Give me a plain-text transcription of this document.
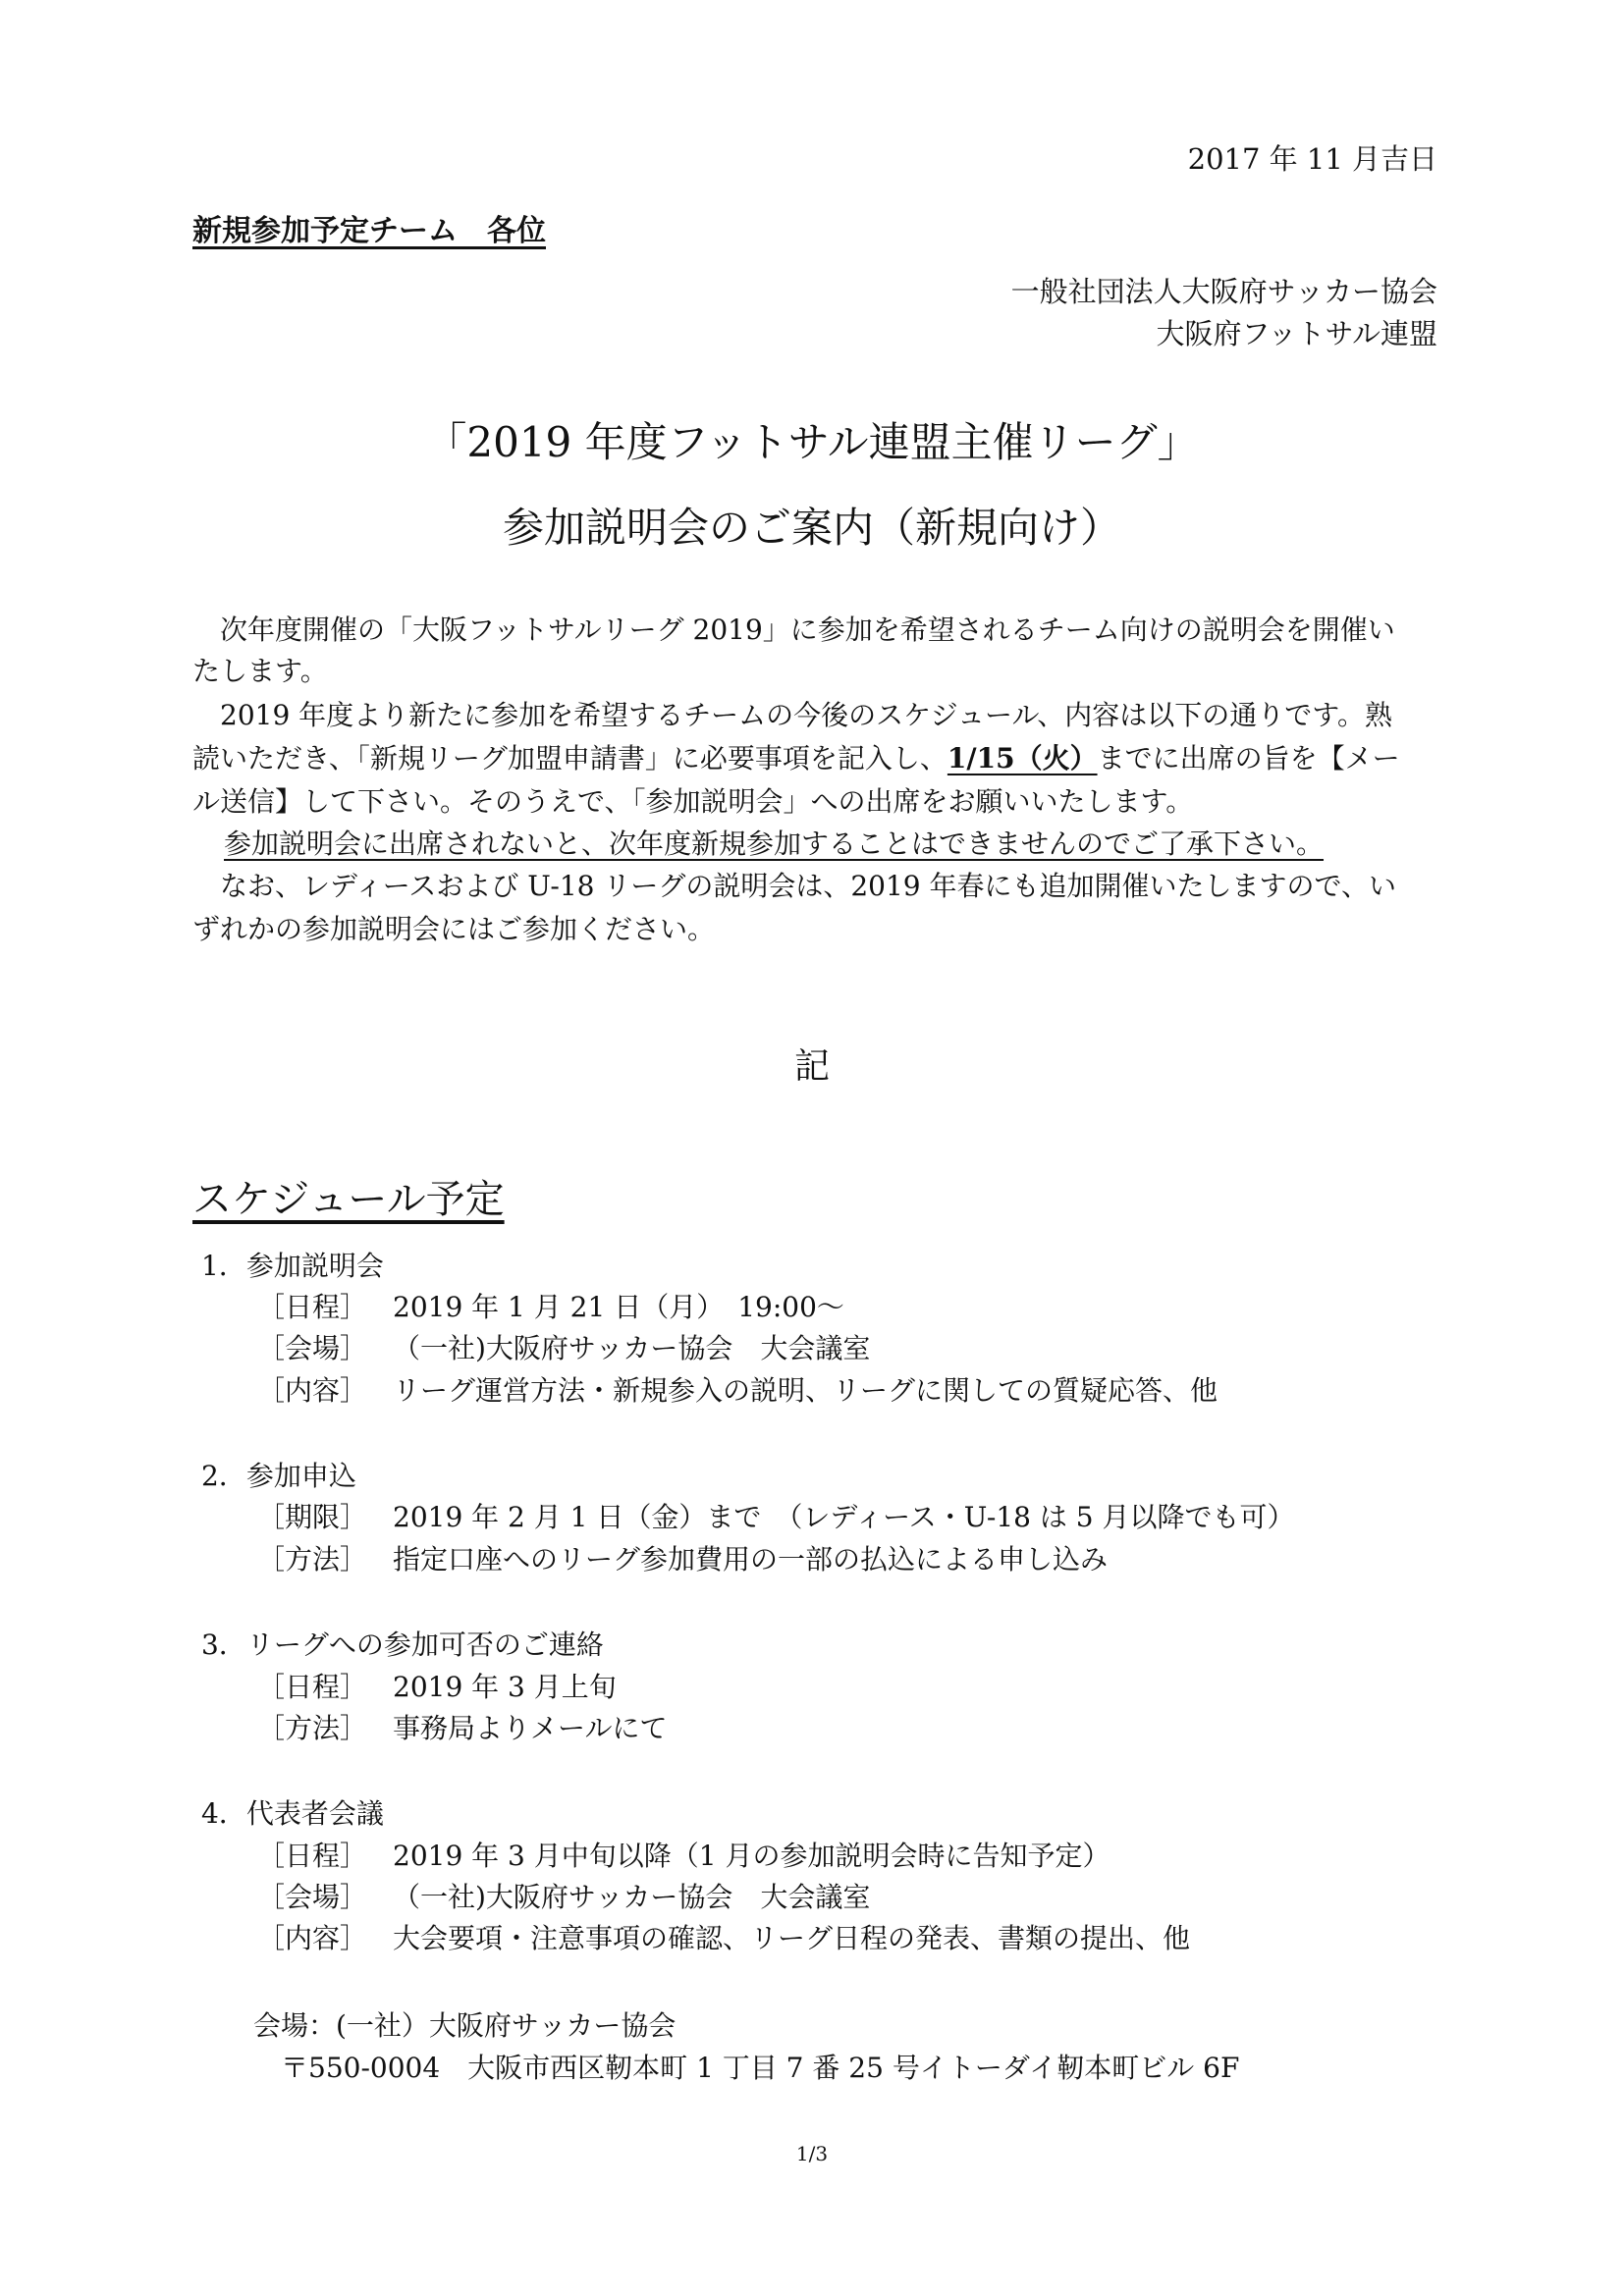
2017 年 11 月吉日
新規参加予定チーム　各位
一般社団法人大阪府サッカー協会
大阪府フットサル連盟
「2019 年度フットサル連盟主催リーグ」
参加説明会のご案内（新規向け）
　次年度開催の「大阪フットサルリーグ 2019」に参加を希望されるチーム向けの説明会を開催い
たします。
　2019 年度より新たに参加を希望するチームの今後のスケジュール、内容は以下の通りです。熟
読いただき、「新規リーグ加盟申請書」に必要事項を記入し、1/15（火）までに出席の旨を【メー
ル送信】して下さい。そのうえで、「参加説明会」への出席をお願いいたします。
参加説明会に出席されないと、次年度新規参加することはできませんのでご了承下さい。
　なお、レディースおよび U-18 リーグの説明会は、2019 年春にも追加開催いたしますので、い
ずれかの参加説明会にはご参加ください。
記
スケジュール予定
1．参加説明会
［日程］ 2019 年 1 月 21 日（月）　19:00～
［会場］ （一社)大阪府サッカー協会　大会議室
［内容］ リーグ運営方法・新規参入の説明、リーグに関しての質疑応答、他
2．参加申込
［期限］ 2019 年 2 月 1 日（金）まで　（レディース・U-18 は 5 月以降でも可）
［方法］ 指定口座へのリーグ参加費用の一部の払込による申し込み
3．リーグへの参加可否のご連絡
［日程］ 2019 年 3 月上旬
［方法］ 事務局よりメールにて
4．代表者会議
［日程］ 2019 年 3 月中旬以降（1 月の参加説明会時に告知予定）
［会場］ （一社)大阪府サッカー協会　大会議室
［内容］ 大会要項・注意事項の確認、リーグ日程の発表、書類の提出、他
会場：(一社）大阪府サッカー協会
　〒550-0004　大阪市西区靭本町 1 丁目 7 番 25 号イトーダイ靭本町ビル 6F
1/3
